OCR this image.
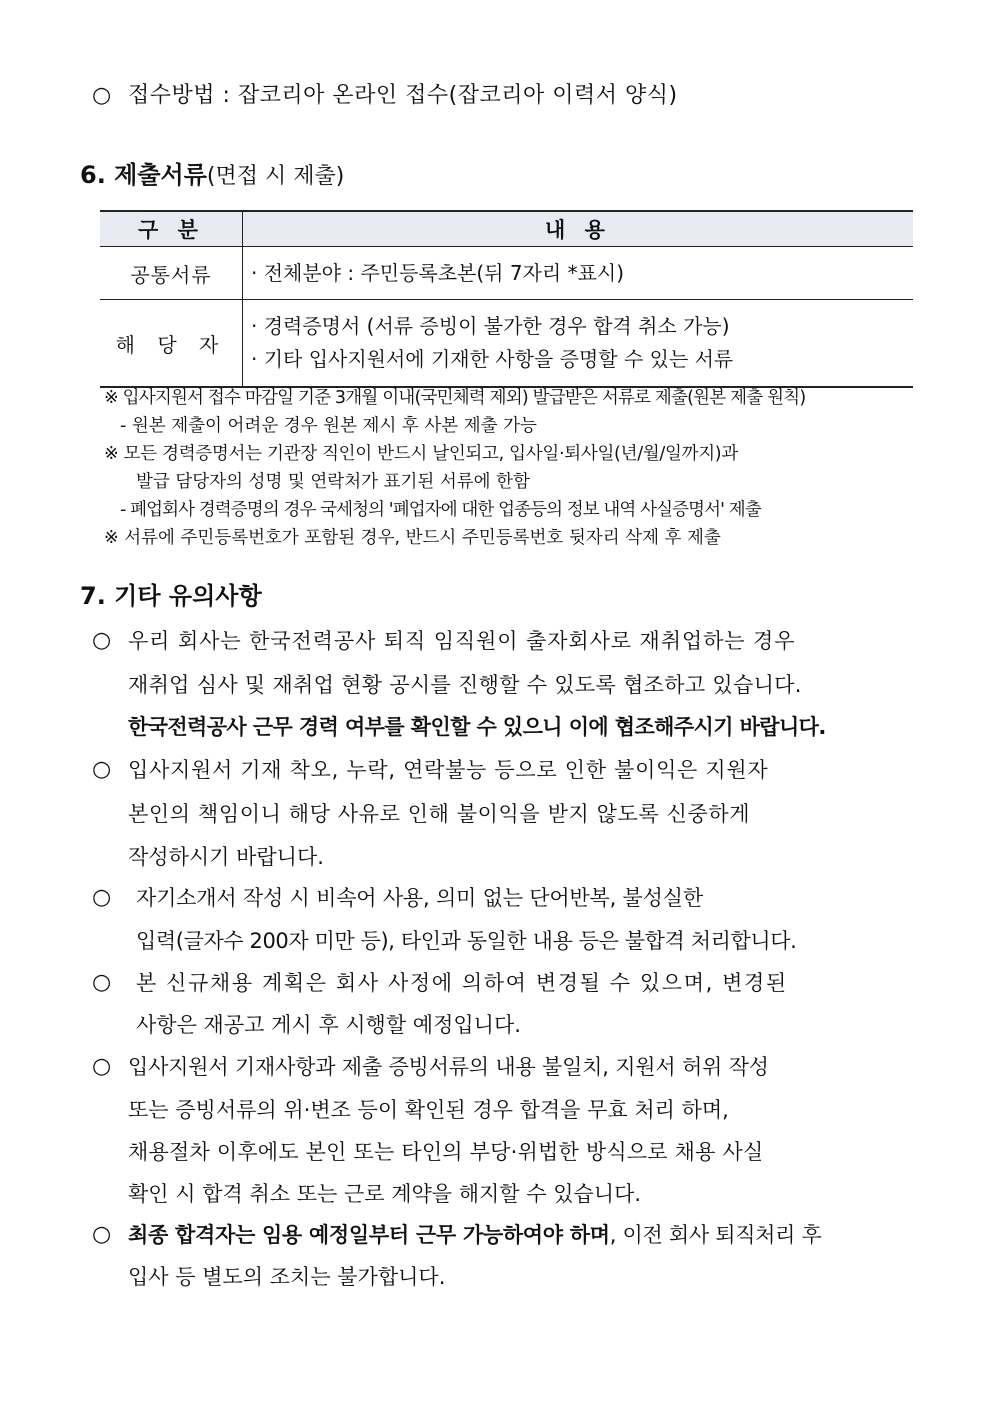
○ 접수방법 : 잡코리아 온라인 접수(잡코리아 이력서 양식)
6. 제출서류(면접 시 제출)
구 분	내 용
공통서류	· 전체분야 : 주민등록초본(뒤 7자리 *표시)

해 당 자	· 경력증명서 (서류 증빙이 불가한 경우 합격 취소 가능)
· 기타 입사지원서에 기재한 사항을 증명할 수 있는 서류
※ 입사지원서 접수 마감일 기준 3개월 이내(국민체력 제외) 발급받은 서류로 제출(원본 제출 원칙)
- 원본 제출이 어려운 경우 원본 제시 후 사본 제출 가능
※ 모든 경력증명서는 기관장 직인이 반드시 날인되고, 입사일·퇴사일(년/월/일까지)과
발급 담당자의 성명 및 연락처가 표기된 서류에 한함
- 폐업회사 경력증명의 경우 국세청의 '폐업자에 대한 업종등의 정보 내역 사실증명서' 제출
※ 서류에 주민등록번호가 포함된 경우, 반드시 주민등록번호 뒷자리 삭제 후 제출
7. 기타 유의사항
○ 우리 회사는 한국전력공사 퇴직 임직원이 출자회사로 재취업하는 경우
재취업 심사 및 재취업 현황 공시를 진행할 수 있도록 협조하고 있습니다.
한국전력공사 근무 경력 여부를 확인할 수 있으니 이에 협조해주시기 바랍니다.
○ 입사지원서 기재 착오, 누락, 연락불능 등으로 인한 불이익은 지원자
본인의 책임이니 해당 사유로 인해 불이익을 받지 않도록 신중하게
작성하시기 바랍니다.
○ 자기소개서 작성 시 비속어 사용, 의미 없는 단어반복, 불성실한
입력(글자수 200자 미만 등), 타인과 동일한 내용 등은 불합격 처리합니다.
○ 본 신규채용 계획은 회사 사정에 의하여 변경될 수 있으며, 변경된
사항은 재공고 게시 후 시행할 예정입니다.
○ 입사지원서 기재사항과 제출 증빙서류의 내용 불일치, 지원서 허위 작성
또는 증빙서류의 위·변조 등이 확인된 경우 합격을 무효 처리 하며,
채용절차 이후에도 본인 또는 타인의 부당·위법한 방식으로 채용 사실
확인 시 합격 취소 또는 근로 계약을 해지할 수 있습니다.
○ 최종 합격자는 임용 예정일부터 근무 가능하여야 하며, 이전 회사 퇴직처리 후
입사 등 별도의 조치는 불가합니다.
